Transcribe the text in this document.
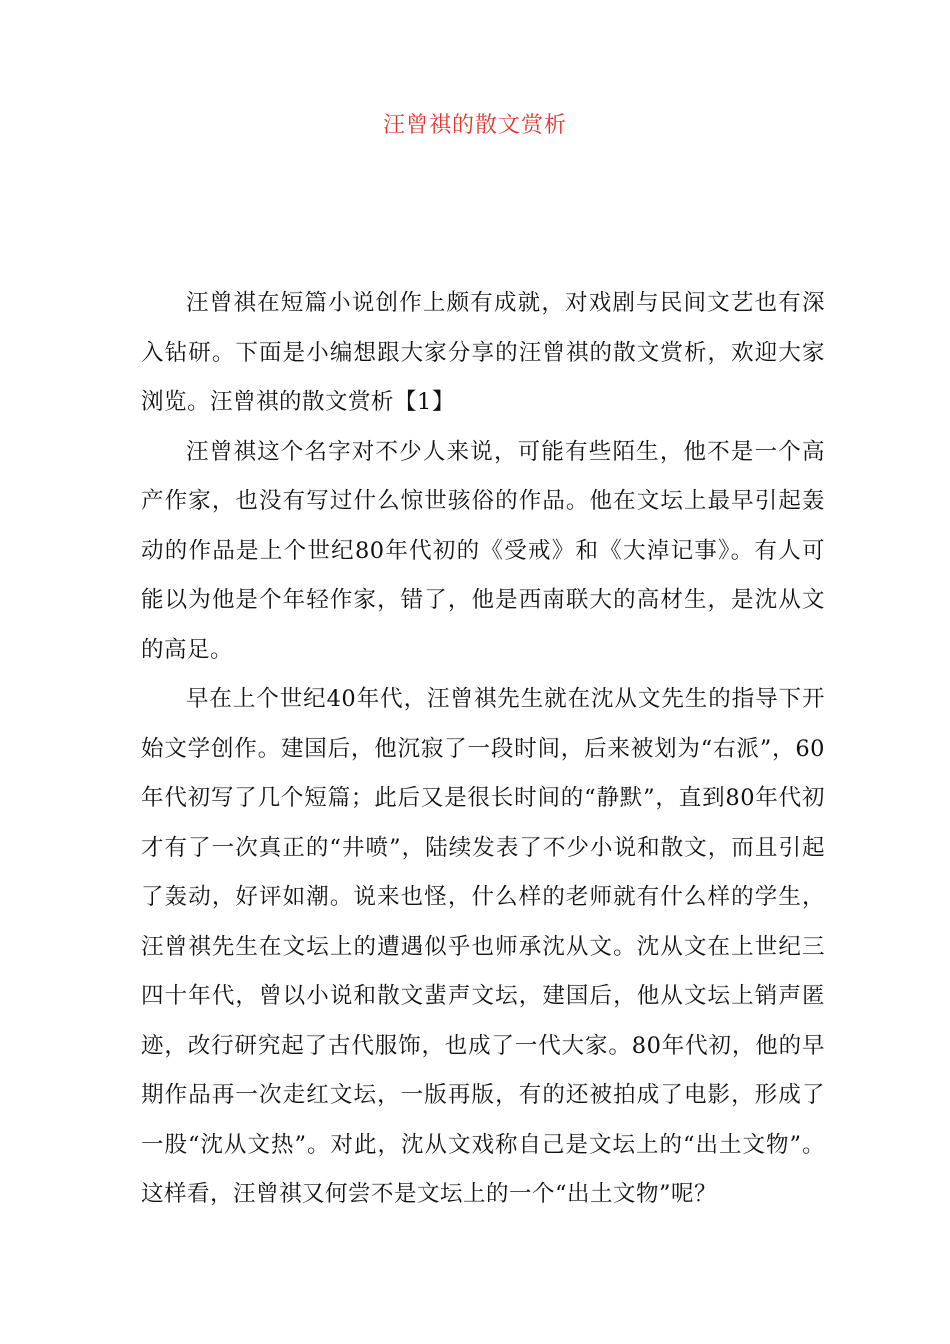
汪曾祺的散文赏析

汪曾祺在短篇小说创作上颇有成就，对戏剧与民间文艺也有深入钻研。下面是小编想跟大家分享的汪曾祺的散文赏析，欢迎大家浏览。汪曾祺的散文赏析【1】

汪曾祺这个名字对不少人来说，可能有些陌生，他不是一个高产作家，也没有写过什么惊世骇俗的作品。他在文坛上最早引起轰动的作品是上个世纪80年代初的《受戒》和《大淖记事》。有人可能以为他是个年轻作家，错了，他是西南联大的高材生，是沈从文的高足。

早在上个世纪40年代，汪曾祺先生就在沈从文先生的指导下开始文学创作。建国后，他沉寂了一段时间，后来被划为“右派”，60年代初写了几个短篇；此后又是很长时间的“静默”，直到80年代初才有了一次真正的“井喷”，陆续发表了不少小说和散文，而且引起了轰动，好评如潮。说来也怪，什么样的老师就有什么样的学生，汪曾祺先生在文坛上的遭遇似乎也师承沈从文。沈从文在上世纪三四十年代，曾以小说和散文蜚声文坛，建国后，他从文坛上销声匿迹，改行研究起了古代服饰，也成了一代大家。80年代初，他的早期作品再一次走红文坛，一版再版，有的还被拍成了电影，形成了一股“沈从文热”。对此，沈从文戏称自己是文坛上的“出土文物”。这样看，汪曾祺又何尝不是文坛上的一个“出土文物”呢？
